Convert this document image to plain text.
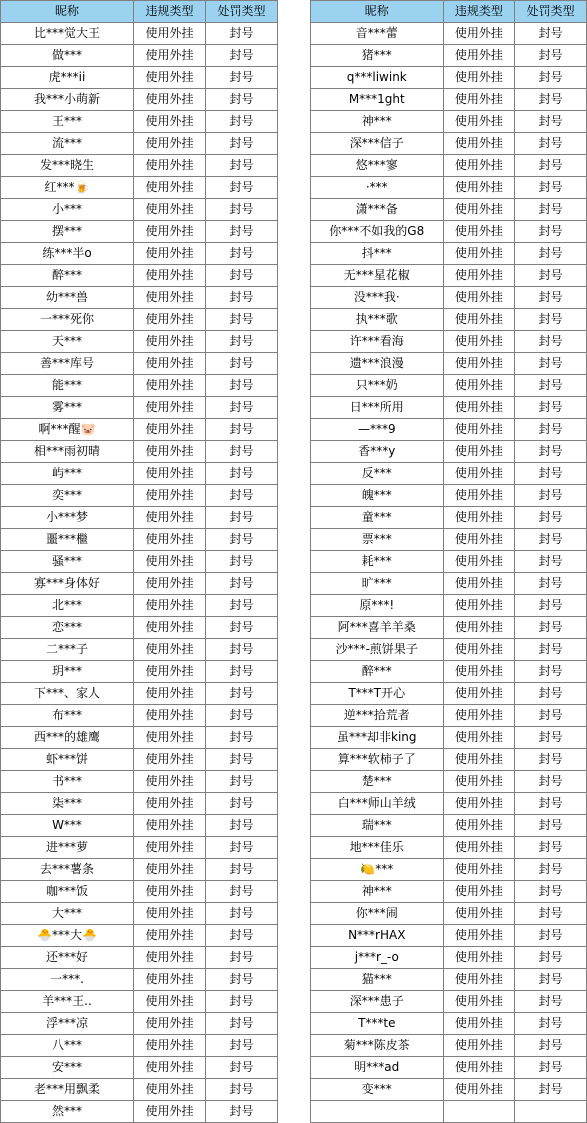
昵称	违规类型	处罚类型
比***觉大王	使用外挂	封号
做***	使用外挂	封号
虎***ii	使用外挂	封号
我***小萌新	使用外挂	封号
王***	使用外挂	封号
流***	使用外挂	封号
发***晓生	使用外挂	封号
红***🍺	使用外挂	封号
小***	使用外挂	封号
摆***	使用外挂	封号
练***半o	使用外挂	封号
醉***	使用外挂	封号
幼***兽	使用外挂	封号
一***死你	使用外挂	封号
天***	使用外挂	封号
善***库号	使用外挂	封号
能***	使用外挂	封号
雾***	使用外挂	封号
啊***醒🐷	使用外挂	封号
相***雨初晴	使用外挂	封号
屿***	使用外挂	封号
奕***	使用外挂	封号
小***梦	使用外挂	封号
噩***檵	使用外挂	封号
骚***	使用外挂	封号
寡***身体好	使用外挂	封号
北***	使用外挂	封号
恋***	使用外挂	封号
二***子	使用外挂	封号
玥***	使用外挂	封号
下***、家人	使用外挂	封号
布***	使用外挂	封号
西***的雄鹰	使用外挂	封号
虾***饼	使用外挂	封号
书***	使用外挂	封号
柒***	使用外挂	封号
W***	使用外挂	封号
进***萝	使用外挂	封号
去***薯条	使用外挂	封号
咖***饭	使用外挂	封号
大***	使用外挂	封号
🐣***大🐣	使用外挂	封号
还***好	使用外挂	封号
一***.	使用外挂	封号
羊***王..	使用外挂	封号
浮***凉	使用外挂	封号
八***	使用外挂	封号
安***	使用外挂	封号
老***用飘柔	使用外挂	封号
然***	使用外挂	封号
昵称	违规类型	处罚类型
音***蕾	使用外挂	封号
猪***	使用外挂	封号
q***liwink	使用外挂	封号
M***1ght	使用外挂	封号
神***	使用外挂	封号
深***信子	使用外挂	封号
悠***寥	使用外挂	封号
·***	使用外挂	封号
潇***备	使用外挂	封号
你***不如我的G8	使用外挂	封号
抖***	使用外挂	封号
无***星花椒	使用外挂	封号
没***我·	使用外挂	封号
执***歌	使用外挂	封号
许***看海	使用外挂	封号
遗***浪漫	使用外挂	封号
只***奶	使用外挂	封号
日***所用	使用外挂	封号
—***9	使用外挂	封号
香***y	使用外挂	封号
反***	使用外挂	封号
魄***	使用外挂	封号
童***	使用外挂	封号
票***	使用外挂	封号
耗***	使用外挂	封号
旷***	使用外挂	封号
原***!	使用外挂	封号
阿***喜羊羊桑	使用外挂	封号
沙***-煎饼果子	使用外挂	封号
醉***	使用外挂	封号
T***T开心	使用外挂	封号
逆***拾荒者	使用外挂	封号
虽***却非king	使用外挂	封号
算***软柿子了	使用外挂	封号
楚***	使用外挂	封号
白***师山羊绒	使用外挂	封号
瑞***	使用外挂	封号
地***佳乐	使用外挂	封号
🍋***	使用外挂	封号
神***	使用外挂	封号
你***闹	使用外挂	封号
N***rHAX	使用外挂	封号
j***r_-o	使用外挂	封号
猫***	使用外挂	封号
深***患子	使用外挂	封号
T***te	使用外挂	封号
菊***陈皮茶	使用外挂	封号
明***ad	使用外挂	封号
变***	使用外挂	封号
